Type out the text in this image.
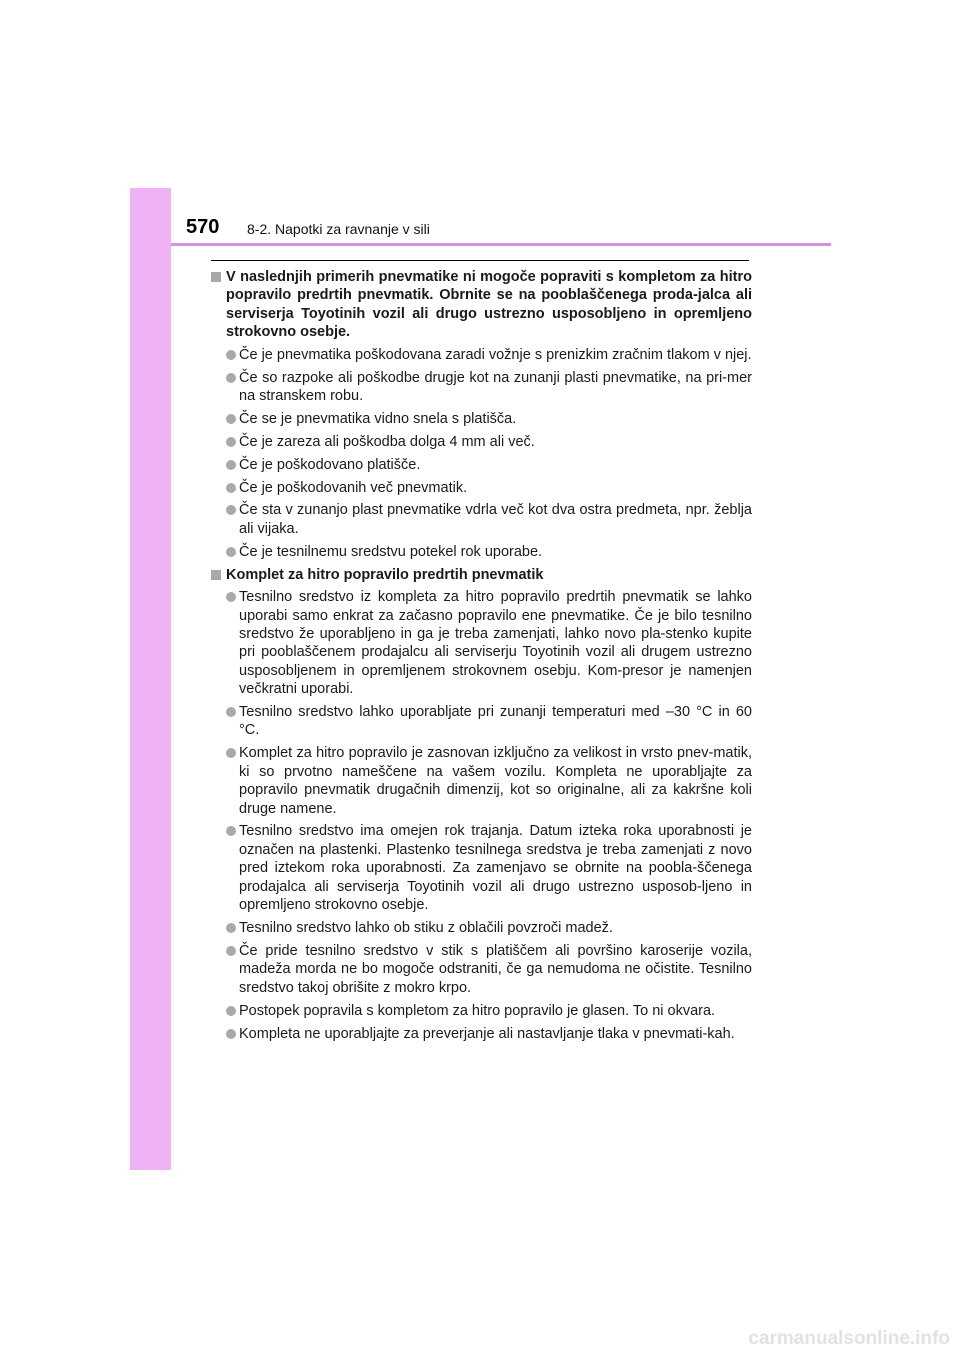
570 8-2. Napotki za ravnanje v sili
V naslednjih primerih pnevmatike ni mogoče popraviti s kompletom za hitro popravilo predrtih pnevmatik. Obrnite se na pooblaščenega proda-jalca ali serviserja Toyotinih vozil ali drugo ustrezno usposobljeno in opremljeno strokovno osebje.
Če je pnevmatika poškodovana zaradi vožnje s prenizkim zračnim tlakom v njej.
Če so razpoke ali poškodbe drugje kot na zunanji plasti pnevmatike, na pri-mer na stranskem robu.
Če se je pnevmatika vidno snela s platišča.
Če je zareza ali poškodba dolga 4 mm ali več.
Če je poškodovano platišče.
Če je poškodovanih več pnevmatik.
Če sta v zunanjo plast pnevmatike vdrla več kot dva ostra predmeta, npr. žeblja ali vijaka.
Če je tesnilnemu sredstvu potekel rok uporabe.
Komplet za hitro popravilo predrtih pnevmatik
Tesnilno sredstvo iz kompleta za hitro popravilo predrtih pnevmatik se lahko uporabi samo enkrat za začasno popravilo ene pnevmatike. Če je bilo tesnilno sredstvo že uporabljeno in ga je treba zamenjati, lahko novo pla-stenko kupite pri pooblaščenem prodajalcu ali serviserju Toyotinih vozil ali drugem ustrezno usposobljenem in opremljenem strokovnem osebju. Kom-presor je namenjen večkratni uporabi.
Tesnilno sredstvo lahko uporabljate pri zunanji temperaturi med –30 °C in 60 °C.
Komplet za hitro popravilo je zasnovan izključno za velikost in vrsto pnev-matik, ki so prvotno nameščene na vašem vozilu. Kompleta ne uporabljajte za popravilo pnevmatik drugačnih dimenzij, kot so originalne, ali za kakršne koli druge namene.
Tesnilno sredstvo ima omejen rok trajanja. Datum izteka roka uporabnosti je označen na plastenki. Plastenko tesnilnega sredstva je treba zamenjati z novo pred iztekom roka uporabnosti. Za zamenjavo se obrnite na poobla-ščenega prodajalca ali serviserja Toyotinih vozil ali drugo ustrezno usposob-ljeno in opremljeno strokovno osebje.
Tesnilno sredstvo lahko ob stiku z oblačili povzroči madež.
Če pride tesnilno sredstvo v stik s platiščem ali površino karoserije vozila, madeža morda ne bo mogoče odstraniti, če ga nemudoma ne očistite. Tesnilno sredstvo takoj obrišite z mokro krpo.
Postopek popravila s kompletom za hitro popravilo je glasen. To ni okvara.
Kompleta ne uporabljajte za preverjanje ali nastavljanje tlaka v pnevmati-kah.
carmanualsonline.info
